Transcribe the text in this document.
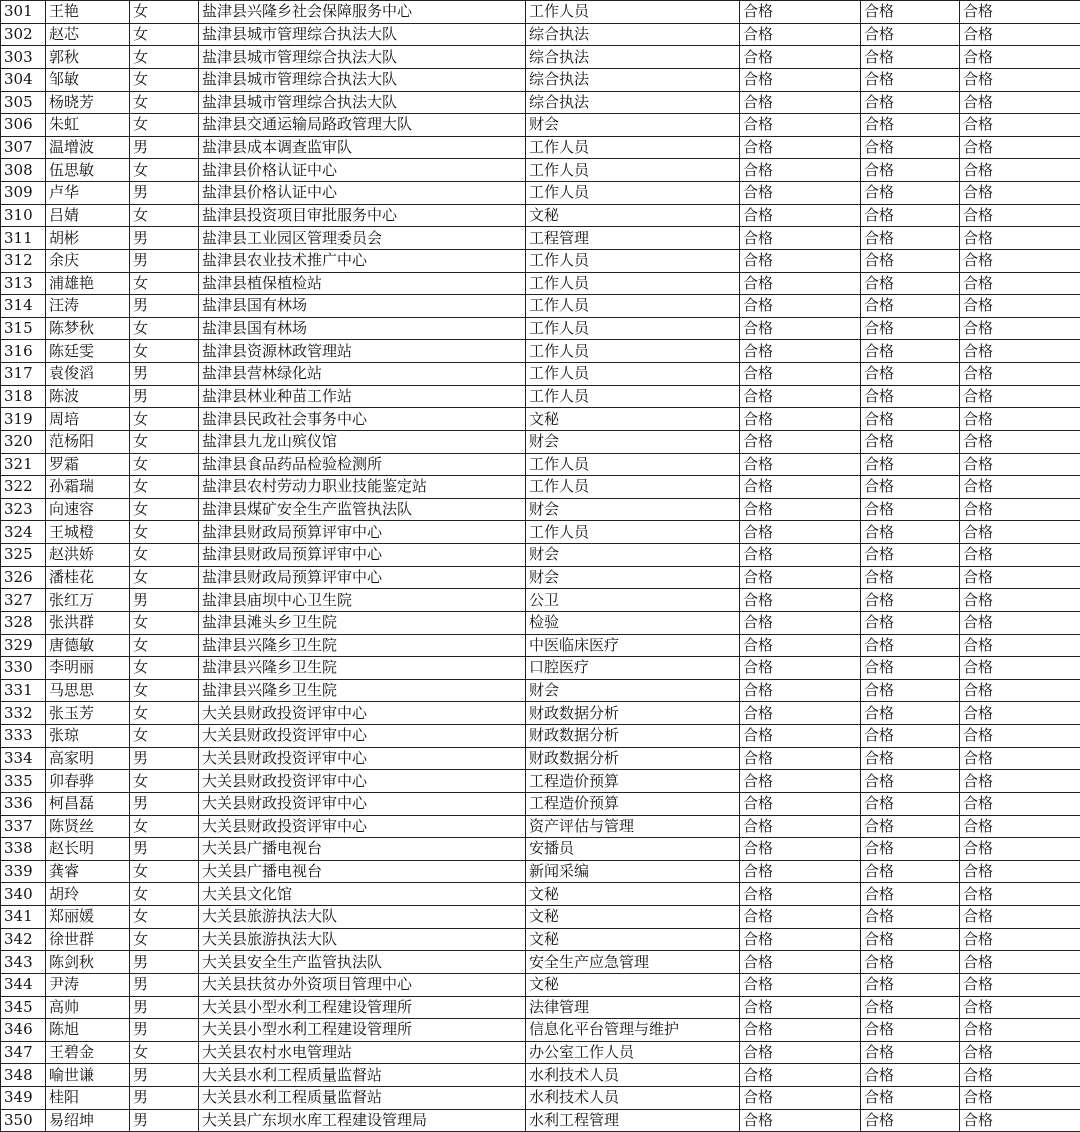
301	王艳	女	盐津县兴隆乡社会保障服务中心	工作人员	合格	合格	合格
302	赵芯	女	盐津县城市管理综合执法大队	综合执法	合格	合格	合格
303	郭秋	女	盐津县城市管理综合执法大队	综合执法	合格	合格	合格
304	邹敏	女	盐津县城市管理综合执法大队	综合执法	合格	合格	合格
305	杨晓芳	女	盐津县城市管理综合执法大队	综合执法	合格	合格	合格
306	朱虹	女	盐津县交通运输局路政管理大队	财会	合格	合格	合格
307	温增波	男	盐津县成本调查监审队	工作人员	合格	合格	合格
308	伍思敏	女	盐津县价格认证中心	工作人员	合格	合格	合格
309	卢华	男	盐津县价格认证中心	工作人员	合格	合格	合格
310	吕婧	女	盐津县投资项目审批服务中心	文秘	合格	合格	合格
311	胡彬	男	盐津县工业园区管理委员会	工程管理	合格	合格	合格
312	余庆	男	盐津县农业技术推广中心	工作人员	合格	合格	合格
313	浦雄艳	女	盐津县植保植检站	工作人员	合格	合格	合格
314	汪涛	男	盐津县国有林场	工作人员	合格	合格	合格
315	陈梦秋	女	盐津县国有林场	工作人员	合格	合格	合格
316	陈廷雯	女	盐津县资源林政管理站	工作人员	合格	合格	合格
317	袁俊滔	男	盐津县营林绿化站	工作人员	合格	合格	合格
318	陈波	男	盐津县林业种苗工作站	工作人员	合格	合格	合格
319	周培	女	盐津县民政社会事务中心	文秘	合格	合格	合格
320	范杨阳	女	盐津县九龙山殡仪馆	财会	合格	合格	合格
321	罗霜	女	盐津县食品药品检验检测所	工作人员	合格	合格	合格
322	孙霜瑞	女	盐津县农村劳动力职业技能鉴定站	工作人员	合格	合格	合格
323	向速容	女	盐津县煤矿安全生产监管执法队	财会	合格	合格	合格
324	王城橙	女	盐津县财政局预算评审中心	工作人员	合格	合格	合格
325	赵洪娇	女	盐津县财政局预算评审中心	财会	合格	合格	合格
326	潘桂花	女	盐津县财政局预算评审中心	财会	合格	合格	合格
327	张红万	男	盐津县庙坝中心卫生院	公卫	合格	合格	合格
328	张洪群	女	盐津县滩头乡卫生院	检验	合格	合格	合格
329	唐德敏	女	盐津县兴隆乡卫生院	中医临床医疗	合格	合格	合格
330	李明丽	女	盐津县兴隆乡卫生院	口腔医疗	合格	合格	合格
331	马思思	女	盐津县兴隆乡卫生院	财会	合格	合格	合格
332	张玉芳	女	大关县财政投资评审中心	财政数据分析	合格	合格	合格
333	张琼	女	大关县财政投资评审中心	财政数据分析	合格	合格	合格
334	高家明	男	大关县财政投资评审中心	财政数据分析	合格	合格	合格
335	卯春骅	女	大关县财政投资评审中心	工程造价预算	合格	合格	合格
336	柯昌磊	男	大关县财政投资评审中心	工程造价预算	合格	合格	合格
337	陈贤丝	女	大关县财政投资评审中心	资产评估与管理	合格	合格	合格
338	赵长明	男	大关县广播电视台	安播员	合格	合格	合格
339	龚睿	女	大关县广播电视台	新闻采编	合格	合格	合格
340	胡玲	女	大关县文化馆	文秘	合格	合格	合格
341	郑丽媛	女	大关县旅游执法大队	文秘	合格	合格	合格
342	徐世群	女	大关县旅游执法大队	文秘	合格	合格	合格
343	陈剑秋	男	大关县安全生产监管执法队	安全生产应急管理	合格	合格	合格
344	尹涛	男	大关县扶贫办外资项目管理中心	文秘	合格	合格	合格
345	高帅	男	大关县小型水利工程建设管理所	法律管理	合格	合格	合格
346	陈旭	男	大关县小型水利工程建设管理所	信息化平台管理与维护	合格	合格	合格
347	王碧金	女	大关县农村水电管理站	办公室工作人员	合格	合格	合格
348	喻世谦	男	大关县水利工程质量监督站	水利技术人员	合格	合格	合格
349	桂阳	男	大关县水利工程质量监督站	水利技术人员	合格	合格	合格
350	易绍坤	男	大关县广东坝水库工程建设管理局	水利工程管理	合格	合格	合格
